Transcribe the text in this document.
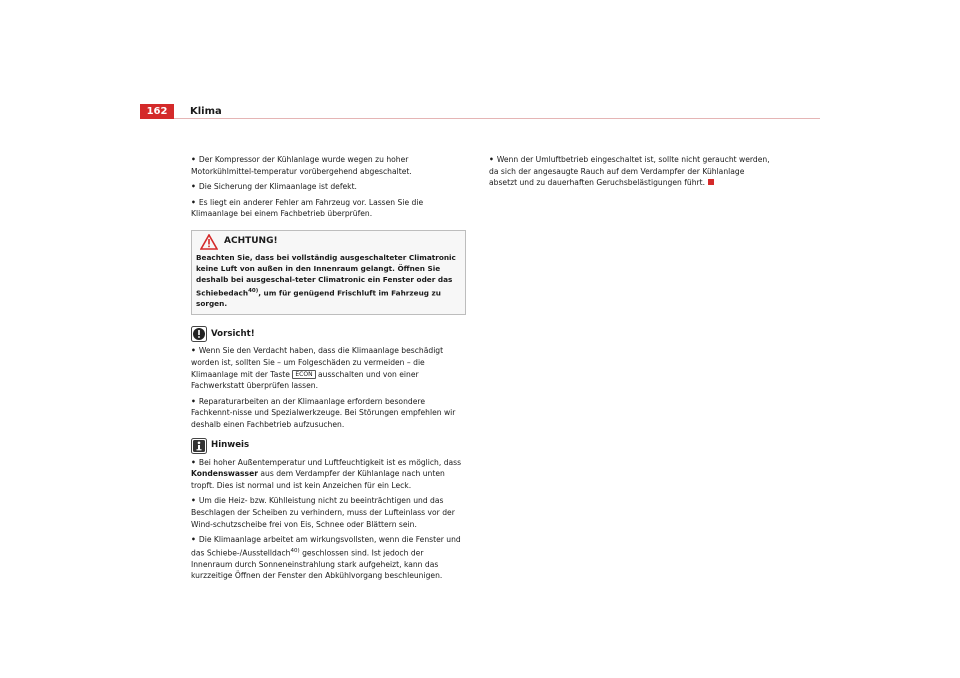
162	Klima

• Der Kompressor der Kühlanlage wurde wegen zu hoher Motorkühlmittel-temperatur vorübergehend abgeschaltet.

• Die Sicherung der Klimaanlage ist defekt.

• Es liegt ein anderer Fehler am Fahrzeug vor. Lassen Sie die Klimaanlage bei einem Fachbetrieb überprüfen.

ACHTUNG!
Beachten Sie, dass bei vollständig ausgeschalteter Climatronic keine Luft von außen in den Innenraum gelangt. Öffnen Sie deshalb bei ausgeschal-teter Climatronic ein Fenster oder das Schiebedach$^{40)}$, um für genügend Frischluft im Fahrzeug zu sorgen.
Vorsicht!

• Wenn Sie den Verdacht haben, dass die Klimaanlage beschädigt worden ist, sollten Sie – um Folgeschäden zu vermeiden – die Klimaanlage mit der Taste ECON ausschalten und von einer Fachwerkstatt überprüfen lassen.

• Reparaturarbeiten an der Klimaanlage erfordern besondere Fachkennt-nisse und Spezialwerkzeuge. Bei Störungen empfehlen wir deshalb einen Fachbetrieb aufzusuchen.

Hinweis

• Bei hoher Außentemperatur und Luftfeuchtigkeit ist es möglich, dass Kondenswasser aus dem Verdampfer der Kühlanlage nach unten tropft. Dies ist normal und ist kein Anzeichen für ein Leck.

• Um die Heiz- bzw. Kühlleistung nicht zu beeinträchtigen und das Beschlagen der Scheiben zu verhindern, muss der Lufteinlass vor der Wind-schutzscheibe frei von Eis, Schnee oder Blättern sein.

• Die Klimaanlage arbeitet am wirkungsvollsten, wenn die Fenster und das Schiebe-/Ausstelldach$^{40)}$ geschlossen sind. Ist jedoch der Innenraum durch Sonneneinstrahlung stark aufgeheizt, kann das kurzzeitige Öffnen der Fenster den Abkühlvorgang beschleunigen.

• Wenn der Umluftbetrieb eingeschaltet ist, sollte nicht geraucht werden, da sich der angesaugte Rauch auf dem Verdampfer der Kühlanlage absetzt und zu dauerhaften Geruchsbelästigungen führt.
